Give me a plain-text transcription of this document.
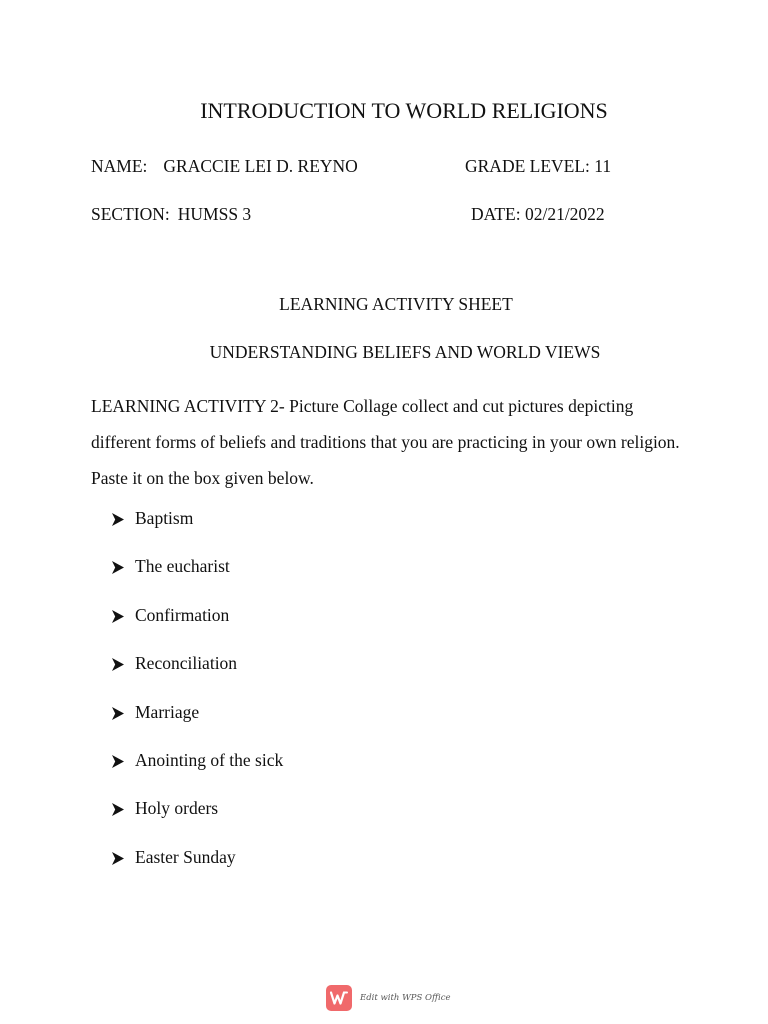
INTRODUCTION TO WORLD RELIGIONS
NAME: GRACCIE LEI D. REYNO	GRADE LEVEL: 11
SECTION: HUMSS 3	DATE: 02/21/2022
LEARNING ACTIVITY SHEET
UNDERSTANDING BELIEFS AND WORLD VIEWS

LEARNING ACTIVITY 2- Picture Collage collect and cut pictures depicting different forms of beliefs and traditions that you are practicing in your own religion. Paste it on the box given below.

Baptism
The eucharist
Confirmation
Reconciliation
Marriage
Anointing of the sick
Holy orders
Easter Sunday
Edit with WPS Office
